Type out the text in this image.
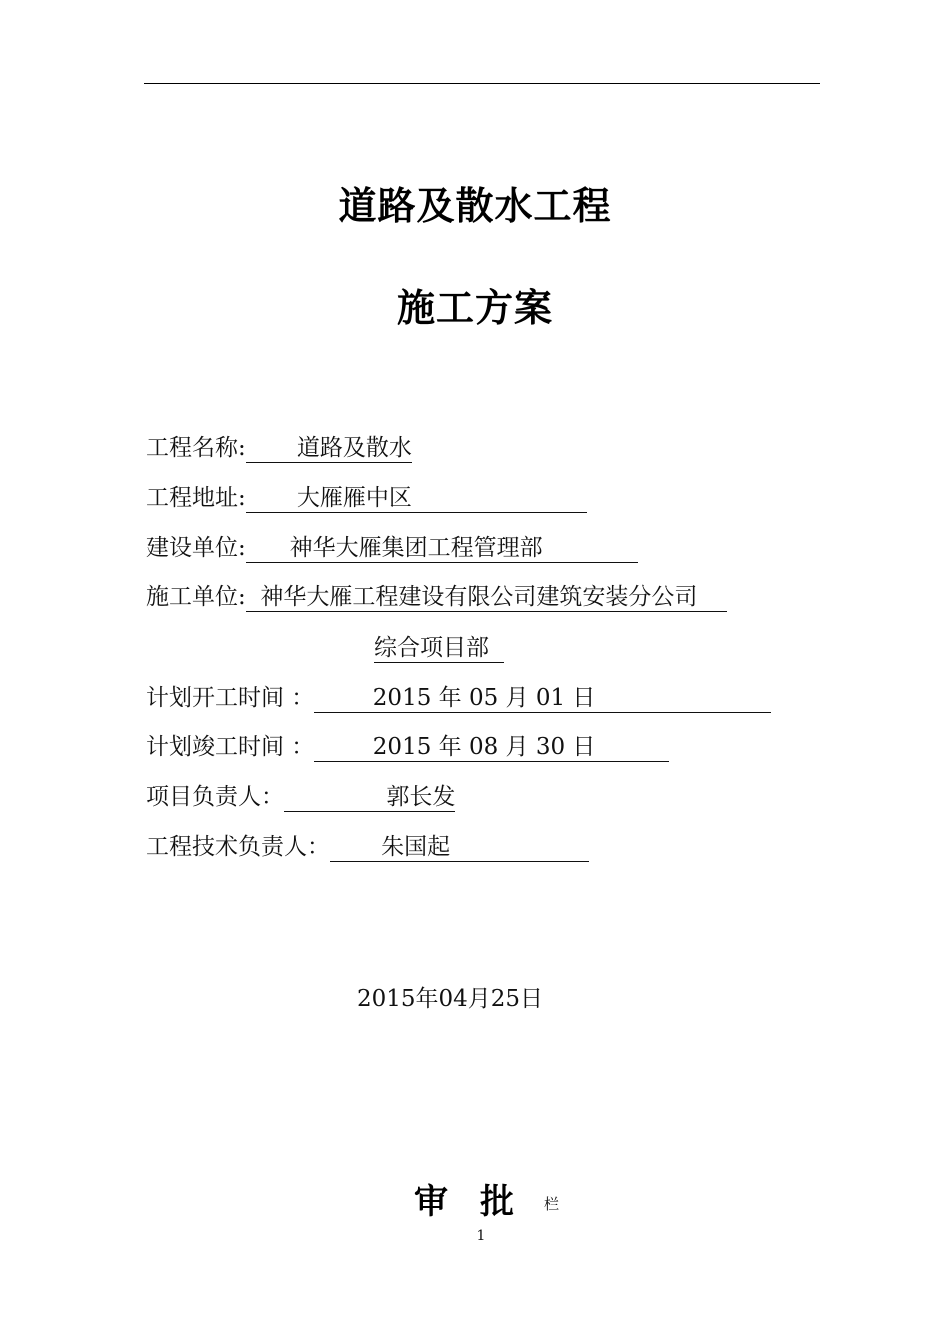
道路及散水工程
施工方案
工程名称:       道路及散水
工程地址:       大雁雁中区
建设单位:      神华大雁集团工程管理部
施工单位:  神华大雁工程建设有限公司建筑安装分公司
综合项目部
计划开工时间 ：        2015 年 05 月 01 日
计划竣工时间 ：        2015 年 08 月 30 日
项目负责人：              郭长发
工程技术负责人：       朱国起
2015年04月25日
审 批 栏
1
